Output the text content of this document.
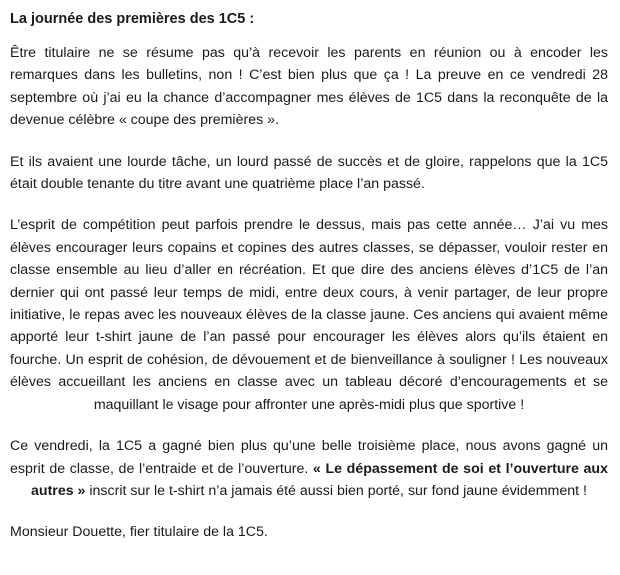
La journée des premières des 1C5 :

Être titulaire ne se résume pas qu’à recevoir les parents en réunion ou à encoder les remarques dans les bulletins, non ! C’est bien plus que ça ! La preuve en ce vendredi 28 septembre où j’ai eu la chance d’accompagner mes élèves de 1C5 dans la reconquête de la devenue célèbre « coupe des premières ».

Et ils avaient une lourde tâche, un lourd passé de succès et de gloire, rappelons que la 1C5 était double tenante du titre avant une quatrième place l’an passé.

L’esprit de compétition peut parfois prendre le dessus, mais pas cette année… J’ai vu mes élèves encourager leurs copains et copines des autres classes, se dépasser, vouloir rester en classe ensemble au lieu d’aller en récréation. Et que dire des anciens élèves d’1C5 de l’an dernier qui ont passé leur temps de midi, entre deux cours, à venir partager, de leur propre initiative, le repas avec les nouveaux élèves de la classe jaune. Ces anciens qui avaient même apporté leur t-shirt jaune de l’an passé pour encourager les élèves alors qu’ils étaient en fourche. Un esprit de cohésion, de dévouement et de bienveillance à souligner ! Les nouveaux élèves accueillant les anciens en classe avec un tableau décoré d’encouragements et se maquillant le visage pour affronter une après-midi plus que sportive !

Ce vendredi, la 1C5 a gagné bien plus qu’une belle troisième place, nous avons gagné un esprit de classe, de l’entraide et de l’ouverture. « Le dépassement de soi et l’ouverture aux autres » inscrit sur le t-shirt n’a jamais été aussi bien porté, sur fond jaune évidemment !

Monsieur Douette, fier titulaire de la 1C5.
